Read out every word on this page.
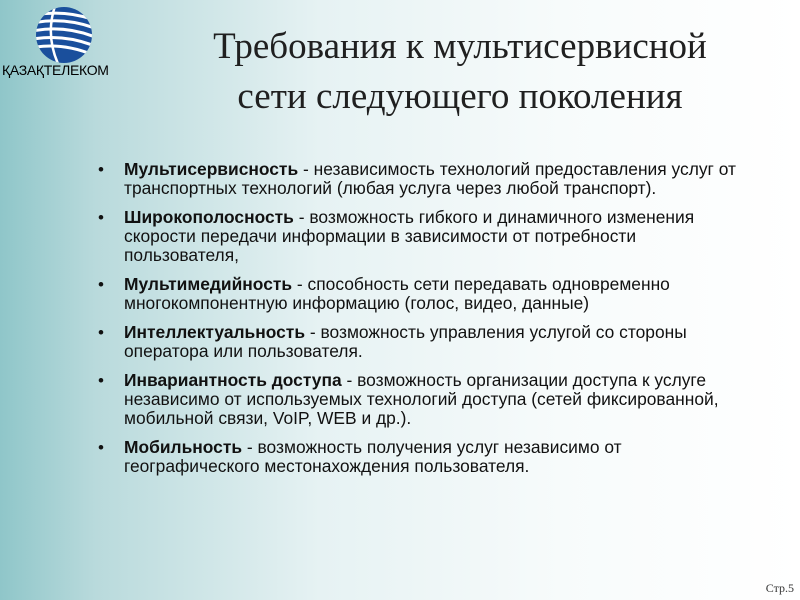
ҚАЗАҚТЕЛЕКОМ
Требования к мультисервисной
сети следующего поколения
• Мультисервисность - независимость технологий предоставления услуг от транспортных технологий (любая услуга через любой транспорт).
• Широкополосность - возможность гибкого и динамичного изменения скорости передачи информации в зависимости от потребности пользователя,
• Мультимедийность - способность сети передавать одновременно многокомпонентную информацию (голос, видео, данные)
• Интеллектуальность - возможность управления услугой со стороны оператора или пользователя.
• Инвариантность доступа - возможность организации доступа к услуге независимо от используемых технологий доступа (сетей фиксированной, мобильной связи, VoIP, WEB и др.).
• Мобильность - возможность получения услуг независимо от географического местонахождения пользователя.
Стр.5
